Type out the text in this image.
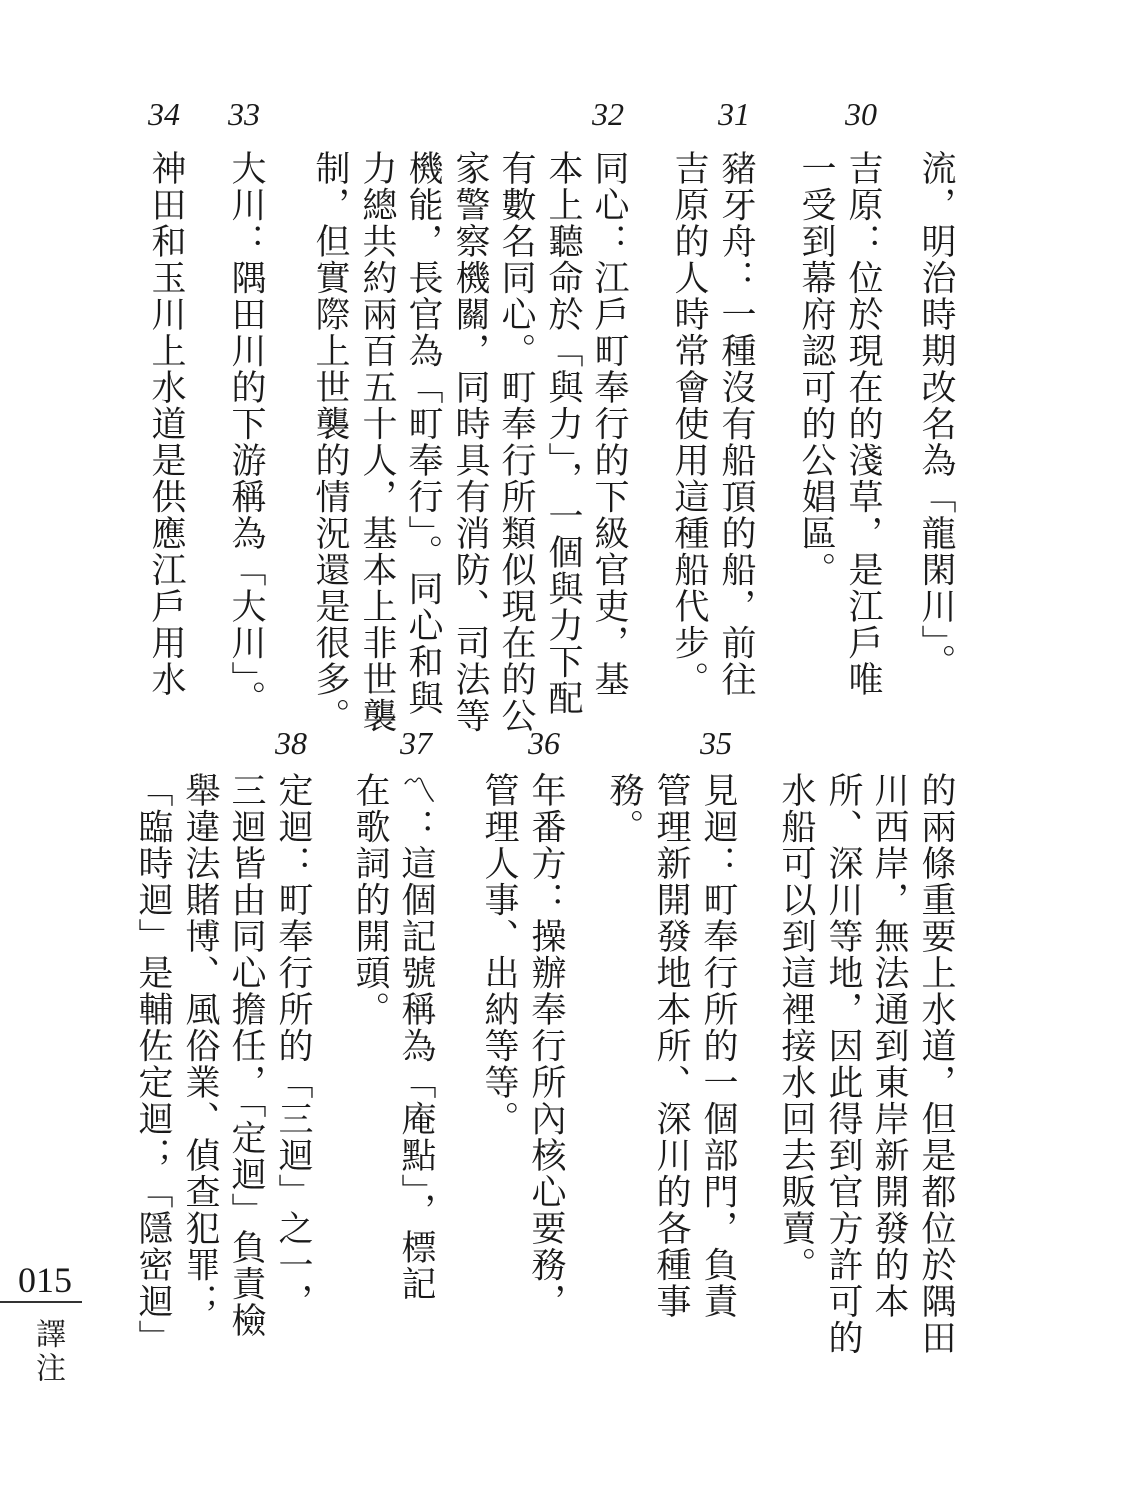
流，明治時期改名為「龍閑川」。
30
吉原：位於現在的淺草，是江戶唯
一受到幕府認可的公娼區。
31
豬牙舟：一種沒有船頂的船，前往
吉原的人時常會使用這種船代步。
32
同心：江戶町奉行的下級官吏，基
本上聽命於「與力」，一個與力下配
有數名同心。町奉行所類似現在的公
家警察機關，同時具有消防、司法等
機能，長官為「町奉行」。同心和與
力總共約兩百五十人，基本上非世襲
制，但實際上世襲的情況還是很多。
33
大川：隅田川的下游稱為「大川」。
34
神田和玉川上水道是供應江戶用水
的兩條重要上水道，但是都位於隅田
川西岸，無法通到東岸新開發的本
所、深川等地，因此得到官方許可的
水船可以到這裡接水回去販賣。
35
見迴：町奉行所的一個部門，負責
管理新開發地本所、深川的各種事
務。
36
年番方：操辦奉行所內核心要務，
管理人事、出納等等。
37
〽：這個記號稱為「庵點」，標記
在歌詞的開頭。
38
定迴：町奉行所的「三迴」之一，
三迴皆由同心擔任，「定迴」負責檢
舉違法賭博、風俗業、偵查犯罪；
「臨時迴」是輔佐定迴；「隱密迴」
015
譯注
